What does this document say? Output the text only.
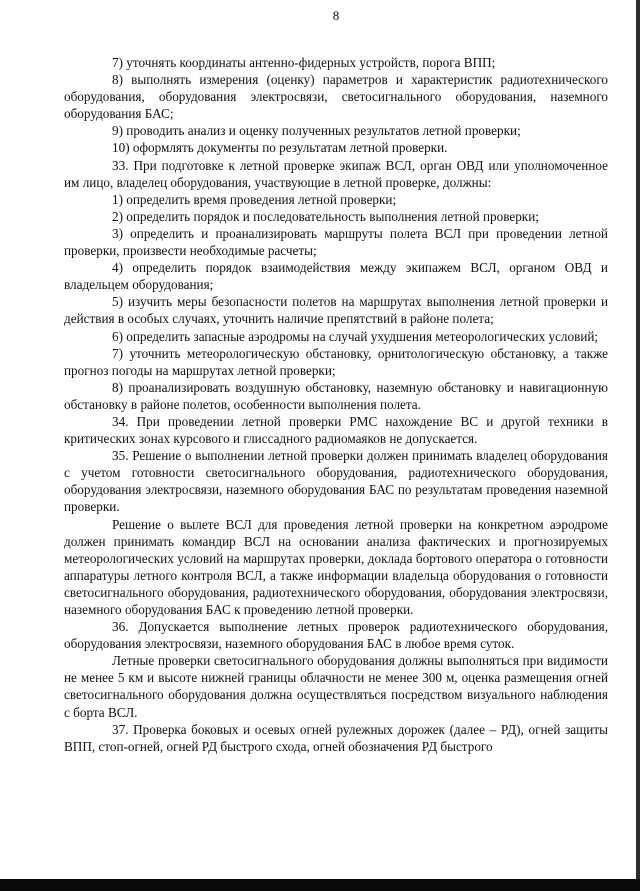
8

7) уточнять координаты антенно-фидерных устройств, порога ВПП;

8) выполнять измерения (оценку) параметров и характеристик радиотехнического оборудования, оборудования электросвязи, светосигнального оборудования, наземного оборудования БАС;

9) проводить анализ и оценку полученных результатов летной проверки;

10) оформлять документы по результатам летной проверки.

33. При подготовке к летной проверке экипаж ВСЛ, орган ОВД или уполномоченное им лицо, владелец оборудования, участвующие в летной проверке, должны:

1) определить время проведения летной проверки;

2) определить порядок и последовательность выполнения летной проверки;

3) определить и проанализировать маршруты полета ВСЛ при проведении летной проверки, произвести необходимые расчеты;

4) определить порядок взаимодействия между экипажем ВСЛ, органом ОВД и владельцем оборудования;

5) изучить меры безопасности полетов на маршрутах выполнения летной проверки и действия в особых случаях, уточнить наличие препятствий в районе полета;

6) определить запасные аэродромы на случай ухудшения метеорологических условий;

7) уточнить метеорологическую обстановку, орнитологическую обстановку, а также прогноз погоды на маршрутах летной проверки;

8) проанализировать воздушную обстановку, наземную обстановку и навигационную обстановку в районе полетов, особенности выполнения полета.

34. При проведении летной проверки РМС нахождение ВС и другой техники в критических зонах курсового и глиссадного радиомаяков не допускается.

35. Решение о выполнении летной проверки должен принимать владелец оборудования с учетом готовности светосигнального оборудования, радиотехнического оборудования, оборудования электросвязи, наземного оборудования БАС по результатам проведения наземной проверки.

Решение о вылете ВСЛ для проведения летной проверки на конкретном аэродроме должен принимать командир ВСЛ на основании анализа фактических и прогнозируемых метеорологических условий на маршрутах проверки, доклада бортового оператора о готовности аппаратуры летного контроля ВСЛ, а также информации владельца оборудования о готовности светосигнального оборудования, радиотехнического оборудования, оборудования электросвязи, наземного оборудования БАС к проведению летной проверки.

36. Допускается выполнение летных проверок радиотехнического оборудования, оборудования электросвязи, наземного оборудования БАС в любое время суток.

Летные проверки светосигнального оборудования должны выполняться при видимости не менее 5 км и высоте нижней границы облачности не менее 300 м, оценка размещения огней светосигнального оборудования должна осуществляться посредством визуального наблюдения с борта ВСЛ.

37. Проверка боковых и осевых огней рулежных дорожек (далее – РД), огней защиты ВПП, стоп-огней, огней РД быстрого схода, огней обозначения РД быстрого
